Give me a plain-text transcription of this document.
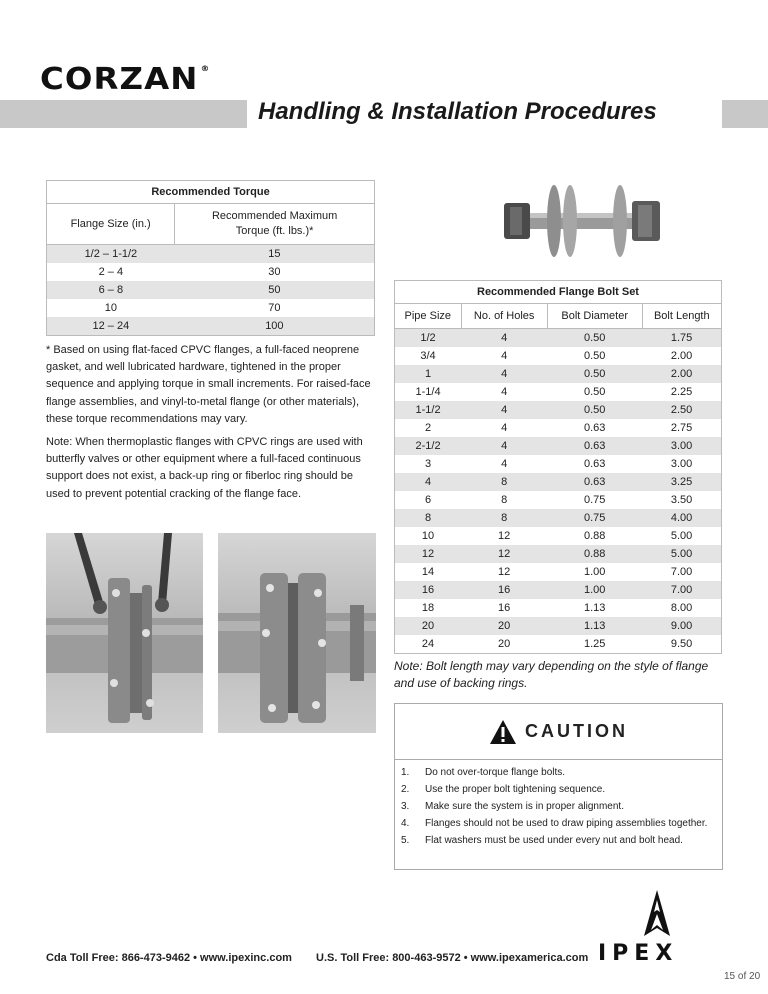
CORZAN ®
Handling & Installation Procedures
Recommended Torque	
Flange Size (in.)	Recommended Maximum
Torque (ft. lbs.)*
1/2 – 1-1/2	15
2 – 4	30
6 – 8	50
10	70
12 – 24	100
* Based on using flat-faced CPVC flanges, a full-faced neoprene gasket, and well lubricated hardware, tightened in the proper sequence and applying torque in small increments. For raised-face flange assemblies, and vinyl-to-metal flange (or other materials), these torque recommendations may vary.
Note: When thermoplastic flanges with CPVC rings are used with butterfly valves or other equipment where a full-faced continuous support does not exist, a back-up ring or fiberloc ring should be used to prevent potential cracking of the flange face.
Recommended Flange Bolt Set			
Pipe Size	No. of Holes	Bolt Diameter	Bolt Length
1/2	4	0.50	1.75
3/4	4	0.50	2.00
1	4	0.50	2.00
1-1/4	4	0.50	2.25
1-1/2	4	0.50	2.50
2	4	0.63	2.75
2-1/2	4	0.63	3.00
3	4	0.63	3.00
4	8	0.63	3.25
6	8	0.75	3.50
8	8	0.75	4.00
10	12	0.88	5.00
12	12	0.88	5.00
14	12	1.00	7.00
16	16	1.00	7.00
18	16	1.13	8.00
20	20	1.13	9.00
24	20	1.25	9.50
Note: Bolt length may vary depending on the style of flange and use of backing rings.
CAUTION
1.	Do not over-torque flange bolts.
2.	Use the proper bolt tightening sequence.
3.	Make sure the system is in proper alignment.
4.	Flanges should not be used to draw piping assemblies together.
5.	Flat washers must be used under every nut and bolt head.
Cda Toll Free: 866-473-9462 • www.ipexinc.com U.S. Toll Free: 800-463-9572 • www.ipexamerica.com IPEX
15 of 20
